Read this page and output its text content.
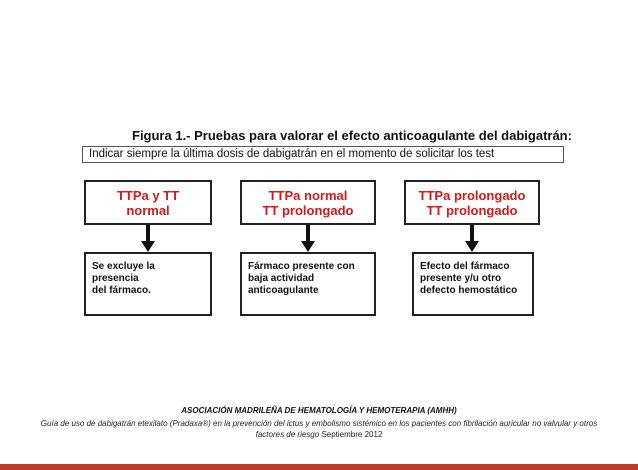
Figura 1.- Pruebas para valorar el efecto anticoagulante del dabigatrán:
Indicar siempre la última dosis de dabigatrán en el momento de solicitar los test
TTPa y TT
normal
Se excluye la presencia
del fármaco.
TTPa normal
TT prolongado
Fármaco presente con
baja actividad
anticoagulante
TTPa prolongado
TT prolongado
Efecto del fármaco
presente y/u otro
defecto hemostático
ASOCIACIÓN MADRILEÑA DE HEMATOLOGÍA Y HEMOTERAPIA (AMHH)
Guía de uso de dabigatrán etexilato (Pradaxa®) en la prevención del ictus y embolismo sistémico en los pacientes con fibrilación auricular no valvular y otros factores de riesgo Septiembre 2012
